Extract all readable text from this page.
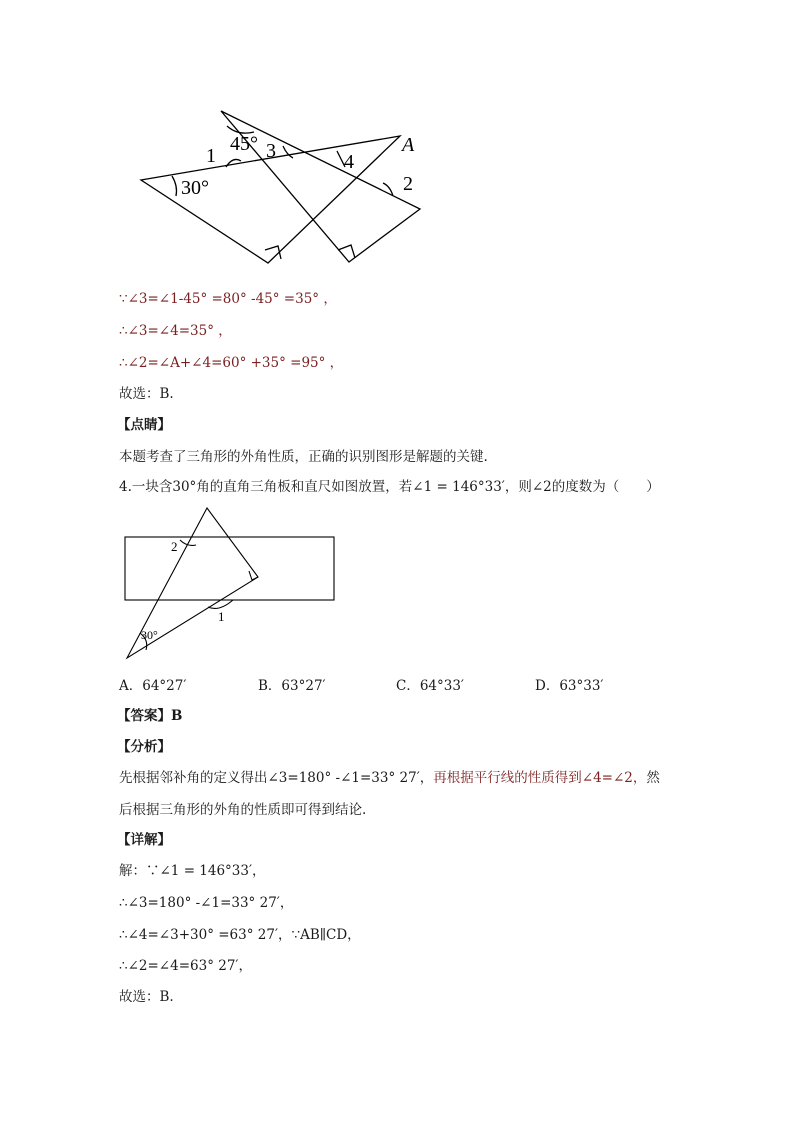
45° 3
1	4
A
2
30°
∵∠3=∠1-45° =80° -45° =35° ，
∴∠3=∠4=35° ，
∴∠2=∠A+∠4=60° +35° =95° ，
故选：B.
【点睛】
本题考查了三角形的外角性质，正确的识别图形是解题的关键.
4.一块含30°角的直角三角板和直尺如图放置，若∠1 = 146°33′，则∠2的度数为（　　）
2
1
30°
A．64°27′	B．63°27′	C．64°33′	D．63°33′
【答案】B
【分析】
先根据邻补角的定义得出∠3=180° -∠1=33° 27′，再根据平行线的性质得到∠4=∠2，然
后根据三角形的外角的性质即可得到结论.
【详解】
解：∵∠1 = 146°33′，
∴∠3=180° -∠1=33° 27′，
∴∠4=∠3+30° =63° 27′，∵AB∥CD，
∴∠2=∠4=63° 27′，
故选：B.
